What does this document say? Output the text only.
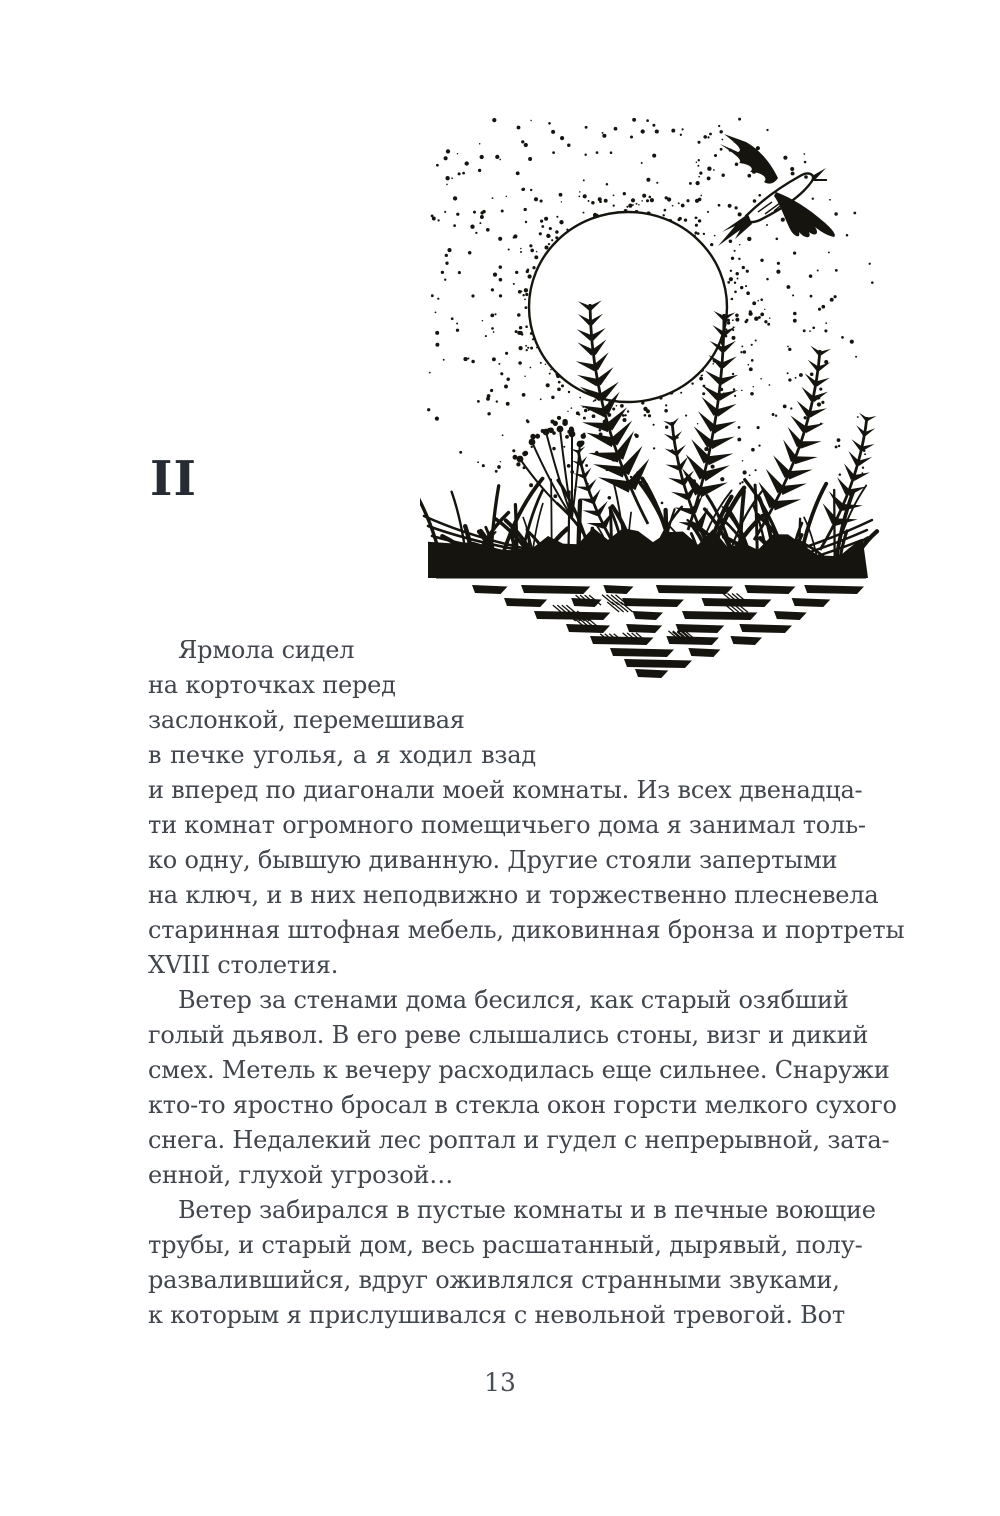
II
Ярмола сидел
на корточках перед
заслонкой, перемешивая
в печке уголья, а я ходил взад
и вперед по диагонали моей комнаты. Из всех двенадца-
ти комнат огромного помещичьего дома я занимал толь-
ко одну, бывшую диванную. Другие стояли запертыми
на ключ, и в них неподвижно и торжественно плесневела
старинная штофная мебель, диковинная бронза и портреты
XVIII столетия.
Ветер за стенами дома бесился, как старый озябший
голый дьявол. В его реве слышались стоны, визг и дикий
смех. Метель к вечеру расходилась еще сильнее. Снаружи
кто-то яростно бросал в стекла окон горсти мелкого сухого
снега. Недалекий лес роптал и гудел с непрерывной, зата-
енной, глухой угрозой…
Ветер забирался в пустые комнаты и в печные воющие
трубы, и старый дом, весь расшатанный, дырявый, полу-
развалившийся, вдруг оживлялся странными звуками,
к которым я прислушивался с невольной тревогой. Вот
13
